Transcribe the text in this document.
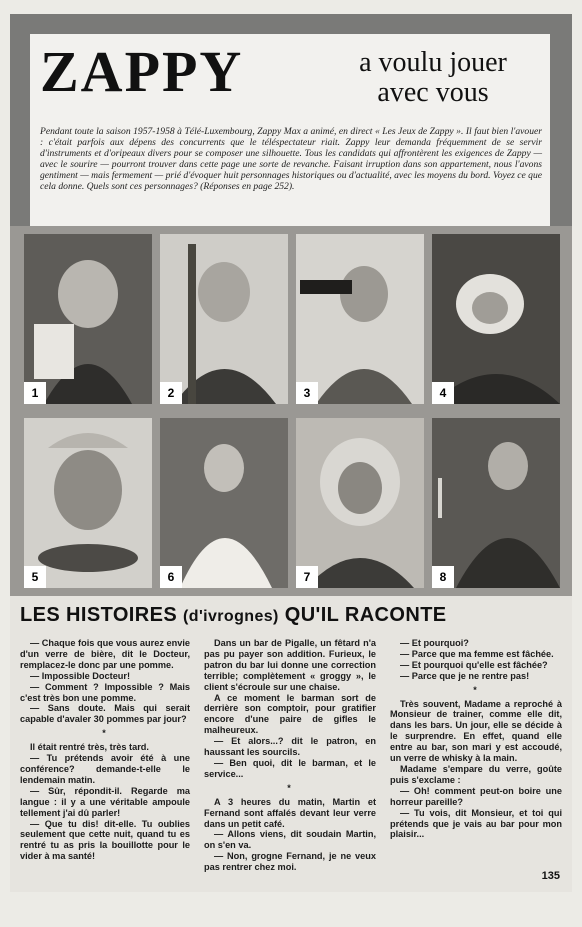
ZAPPY	a voulu jouer
avec vous
Pendant toute la saison 1957-1958 à Télé-Luxembourg, Zappy Max a animé, en direct « Les Jeux de Zappy ». Il faut bien l'avouer : c'était parfois aux dépens des concurrents que le téléspectateur riait. Zappy leur demanda fréquemment de se servir d'instruments et d'oripeaux divers pour se composer une silhouette. Tous les candidats qui affrontèrent les exigences de Zappy — avec le sourire — pourront trouver dans cette page une sorte de revanche. Faisant irruption dans son appartement, nous l'avons gentiment — mais fermement — prié d'évoquer huit personnages historiques ou d'actualité, avec les moyens du bord. Voyez ce que cela donne. Quels sont ces personnages? (Réponses en page 252).
1	2	3	4
5	6	7	8
LES HISTOIRES (d'ivrognes) QU'IL RACONTE

— Chaque fois que vous aurez envie d'un verre de bière, dit le Docteur, remplacez-le donc par une pomme.

— Impossible Docteur!

— Comment ? Impossible ? Mais c'est très bon une pomme.

— Sans doute. Mais qui serait capable d'avaler 30 pommes par jour?

*

Il était rentré très, très tard.

— Tu prétends avoir été à une conférence? demande-t-elle le lendemain matin.

— Sûr, répondit-il. Regarde ma langue : il y a une véritable ampoule tellement j'ai dû parler!

— Que tu dis! dit-elle. Tu oublies seulement que cette nuit, quand tu es rentré tu as pris la bouillotte pour le vider à ma santé!

Dans un bar de Pigalle, un fêtard n'a pas pu payer son addition. Furieux, le patron du bar lui donne une correction terrible; complètement « groggy », le client s'écroule sur une chaise.

A ce moment le barman sort de derrière son comptoir, pour gratifier encore d'une paire de gifles le malheureux.

— Et alors...? dit le patron, en haussant les sourcils.

— Ben quoi, dit le barman, et le service...

*

A 3 heures du matin, Martin et Fernand sont affalés devant leur verre dans un petit café.

— Allons viens, dit soudain Martin, on s'en va.

— Non, grogne Fernand, je ne veux pas rentrer chez moi.

— Et pourquoi?

— Parce que ma femme est fâchée.

— Et pourquoi qu'elle est fâchée?

— Parce que je ne rentre pas!

*

Très souvent, Madame a reproché à Monsieur de trainer, comme elle dit, dans les bars. Un jour, elle se décide à le surprendre. En effet, quand elle entre au bar, son mari y est accoudé, un verre de whisky à la main.

Madame s'empare du verre, goûte puis s'exclame :

— Oh! comment peut-on boire une horreur pareille?

— Tu vois, dit Monsieur, et toi qui prétends que je vais au bar pour mon plaisir...

135
